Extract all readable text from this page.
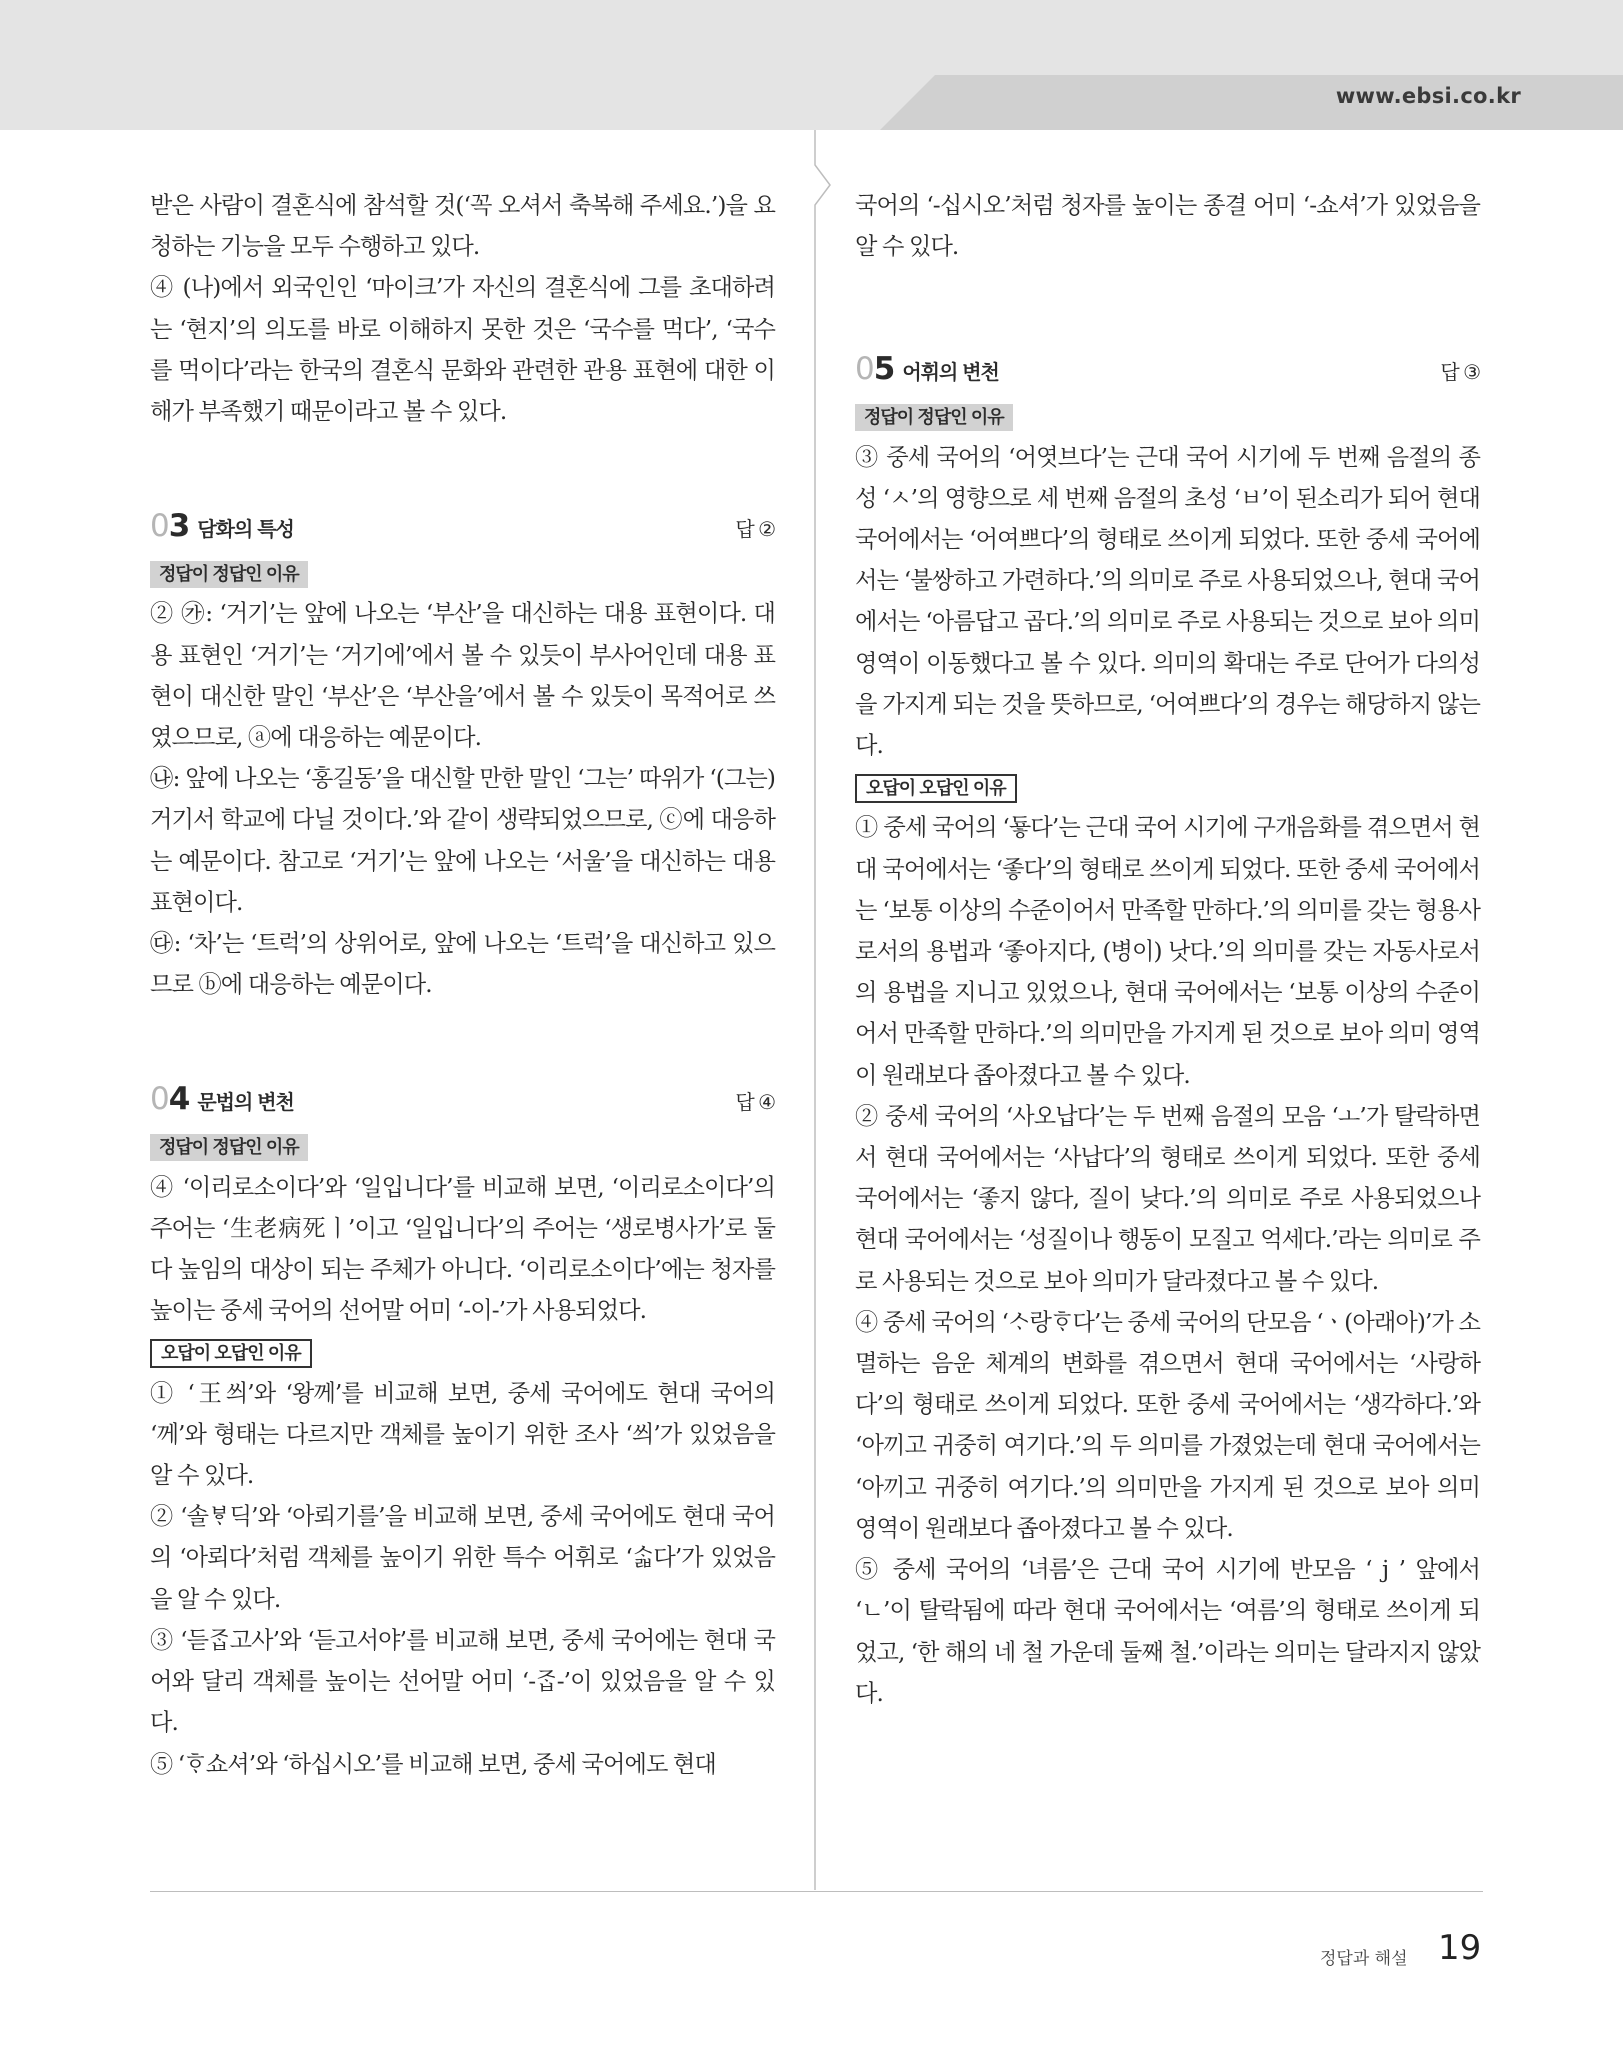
www.ebsi.co.kr

받은 사람이 결혼식에 참석할 것(‘꼭 오셔서 축복해 주세요.’)을 요청하는 기능을 모두 수행하고 있다.

④ (나)에서 외국인인 ‘마이크’가 자신의 결혼식에 그를 초대하려는 ‘현지’의 의도를 바로 이해하지 못한 것은 ‘국수를 먹다’, ‘국수를 먹이다’라는 한국의 결혼식 문화와 관련한 관용 표현에 대한 이해가 부족했기 때문이라고 볼 수 있다.

03 담화의 특성	답 ②
정답이 정답인 이유

② ㉮: ‘거기’는 앞에 나오는 ‘부산’을 대신하는 대용 표현이다. 대용 표현인 ‘거기’는 ‘거기에’에서 볼 수 있듯이 부사어인데 대용 표현이 대신한 말인 ‘부산’은 ‘부산을’에서 볼 수 있듯이 목적어로 쓰였으므로, ⓐ에 대응하는 예문이다.

㉯: 앞에 나오는 ‘홍길동’을 대신할 만한 말인 ‘그는’ 따위가 ‘(그는) 거기서 학교에 다닐 것이다.’와 같이 생략되었으므로, ⓒ에 대응하는 예문이다. 참고로 ‘거기’는 앞에 나오는 ‘서울’을 대신하는 대용 표현이다.

㉰: ‘차’는 ‘트럭’의 상위어로, 앞에 나오는 ‘트럭’을 대신하고 있으므로 ⓑ에 대응하는 예문이다.

04 문법의 변천	답 ④
정답이 정답인 이유

④ ‘이리로소이다’와 ‘일입니다’를 비교해 보면, ‘이리로소이다’의 주어는 ‘生老病死ㅣ’이고 ‘일입니다’의 주어는 ‘생로병사가’로 둘 다 높임의 대상이 되는 주체가 아니다. ‘이리로소이다’에는 청자를 높이는 중세 국어의 선어말 어미 ‘-이-’가 사용되었다.

오답이 오답인 이유

① ‘王씌’와 ‘왕께’를 비교해 보면, 중세 국어에도 현대 국어의 ‘께’와 형태는 다르지만 객체를 높이기 위한 조사 ‘씌’가 있었음을 알 수 있다.

② ‘솔ᄫᆞ딕’와 ‘아뢰기를’을 비교해 보면, 중세 국어에도 현대 국어의 ‘아뢰다’처럼 객체를 높이기 위한 특수 어휘로 ‘ᄉᆞᆲ다’가 있었음을 알 수 있다.

③ ‘듣ᄌᆞᆸ고사’와 ‘듣고서야’를 비교해 보면, 중세 국어에는 현대 국어와 달리 객체를 높이는 선어말 어미 ‘-ᄌᆞᆸ-’이 있었음을 알 수 있다.

⑤ ‘ᄒᆞ쇼셔’와 ‘하십시오’를 비교해 보면, 중세 국어에도 현대

국어의 ‘-십시오’처럼 청자를 높이는 종결 어미 ‘-쇼셔’가 있었음을 알 수 있다.

05 어휘의 변천	답 ③
정답이 정답인 이유

③ 중세 국어의 ‘어엿브다’는 근대 국어 시기에 두 번째 음절의 종성 ‘ㅅ’의 영향으로 세 번째 음절의 초성 ‘ㅂ’이 된소리가 되어 현대 국어에서는 ‘어여쁘다’의 형태로 쓰이게 되었다. 또한 중세 국어에서는 ‘불쌍하고 가련하다.’의 의미로 주로 사용되었으나, 현대 국어에서는 ‘아름답고 곱다.’의 의미로 주로 사용되는 것으로 보아 의미 영역이 이동했다고 볼 수 있다. 의미의 확대는 주로 단어가 다의성을 가지게 되는 것을 뜻하므로, ‘어여쁘다’의 경우는 해당하지 않는다.

오답이 오답인 이유

① 중세 국어의 ‘둏다’는 근대 국어 시기에 구개음화를 겪으면서 현대 국어에서는 ‘좋다’의 형태로 쓰이게 되었다. 또한 중세 국어에서는 ‘보통 이상의 수준이어서 만족할 만하다.’의 의미를 갖는 형용사로서의 용법과 ‘좋아지다, (병이) 낫다.’의 의미를 갖는 자동사로서의 용법을 지니고 있었으나, 현대 국어에서는 ‘보통 이상의 수준이어서 만족할 만하다.’의 의미만을 가지게 된 것으로 보아 의미 영역이 원래보다 좁아졌다고 볼 수 있다.

② 중세 국어의 ‘사오납다’는 두 번째 음절의 모음 ‘ㅗ’가 탈락하면서 현대 국어에서는 ‘사납다’의 형태로 쓰이게 되었다. 또한 중세 국어에서는 ‘좋지 않다, 질이 낮다.’의 의미로 주로 사용되었으나 현대 국어에서는 ‘성질이나 행동이 모질고 억세다.’라는 의미로 주로 사용되는 것으로 보아 의미가 달라졌다고 볼 수 있다.

④ 중세 국어의 ‘ᄉᆞ랑ᄒᆞ다’는 중세 국어의 단모음 ‘ㆍ(아래아)’가 소멸하는 음운 체계의 변화를 겪으면서 현대 국어에서는 ‘사랑하다’의 형태로 쓰이게 되었다. 또한 중세 국어에서는 ‘생각하다.’와 ‘아끼고 귀중히 여기다.’의 두 의미를 가졌었는데 현대 국어에서는 ‘아끼고 귀중히 여기다.’의 의미만을 가지게 된 것으로 보아 의미 영역이 원래보다 좁아졌다고 볼 수 있다.

⑤ 중세 국어의 ‘녀름’은 근대 국어 시기에 반모음 ‘ j ’ 앞에서 ‘ㄴ’이 탈락됨에 따라 현대 국어에서는 ‘여름’의 형태로 쓰이게 되었고, ‘한 해의 네 철 가운데 둘째 철.’이라는 의미는 달라지지 않았다.

정답과 해설 19
